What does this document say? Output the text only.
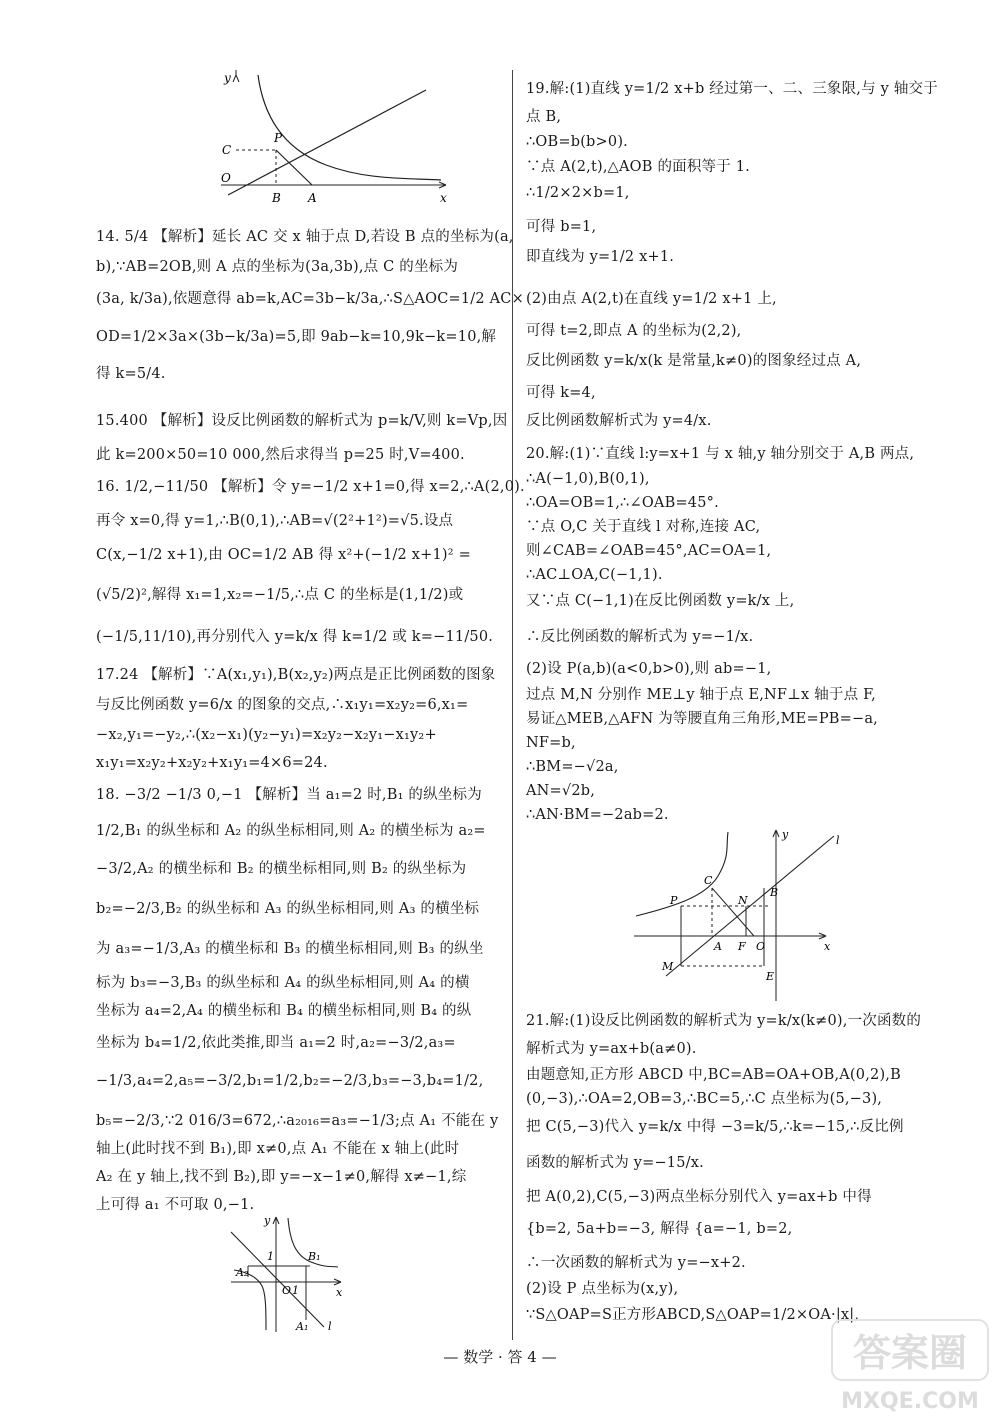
y
P
C
O
B A	x
14. 5/4 【解析】延长 AC 交 x 轴于点 D,若设 B 点的坐标为(a,
b),∵AB=2OB,则 A 点的坐标为(3a,3b),点 C 的坐标为
(3a, k/3a),依题意得 ab=k,AC=3b−k/3a,∴S△AOC=1/2 AC×
OD=1/2×3a×(3b−k/3a)=5,即 9ab−k=10,9k−k=10,解
得 k=5/4.
15.400 【解析】设反比例函数的解析式为 p=k/V,则 k=Vp,因
此 k=200×50=10 000,然后求得当 p=25 时,V=400.
16. 1/2,−11/50 【解析】令 y=−1/2 x+1=0,得 x=2,∴A(2,0).
再令 x=0,得 y=1,∴B(0,1),∴AB=√(2²+1²)=√5.设点
C(x,−1/2 x+1),由 OC=1/2 AB 得 x²+(−1/2 x+1)² =
(√5/2)²,解得 x₁=1,x₂=−1/5,∴点 C 的坐标是(1,1/2)或
(−1/5,11/10),再分别代入 y=k/x 得 k=1/2 或 k=−11/50.
17.24 【解析】∵A(x₁,y₁),B(x₂,y₂)两点是正比例函数的图象
与反比例函数 y=6/x 的图象的交点,∴x₁y₁=x₂y₂=6,x₁=
−x₂,y₁=−y₂,∴(x₂−x₁)(y₂−y₁)=x₂y₂−x₂y₁−x₁y₂+
x₁y₁=x₂y₂+x₂y₂+x₁y₁=4×6=24.
18. −3/2 −1/3 0,−1 【解析】当 a₁=2 时,B₁ 的纵坐标为
1/2,B₁ 的纵坐标和 A₂ 的纵坐标相同,则 A₂ 的横坐标为 a₂=
−3/2,A₂ 的横坐标和 B₂ 的横坐标相同,则 B₂ 的纵坐标为
b₂=−2/3,B₂ 的纵坐标和 A₃ 的纵坐标相同,则 A₃ 的横坐标
为 a₃=−1/3,A₃ 的横坐标和 B₃ 的横坐标相同,则 B₃ 的纵坐
标为 b₃=−3,B₃ 的纵坐标和 A₄ 的纵坐标相同,则 A₄ 的横
坐标为 a₄=2,A₄ 的横坐标和 B₄ 的横坐标相同,则 B₄ 的纵
坐标为 b₄=1/2,依此类推,即当 a₁=2 时,a₂=−3/2,a₃=
−1/3,a₄=2,a₅=−3/2,b₁=1/2,b₂=−2/3,b₃=−3,b₄=1/2,
b₅=−2/3,∵2 016/3=672,∴a₂₀₁₆=a₃=−1/3;点 A₁ 不能在 y
轴上(此时找不到 B₁),即 x≠0,点 A₁ 不能在 x 轴上(此时
A₂ 在 y 轴上,找不到 B₂),即 y=−x−1≠0,解得 x≠−1,综
上可得 a₁ 不可取 0,−1.
y
1	B₁
A₂
O 1	x
A₁ l
19.解:(1)直线 y=1/2 x+b 经过第一、二、三象限,与 y 轴交于
点 B,
∴OB=b(b>0).
∵点 A(2,t),△AOB 的面积等于 1.
∴1/2×2×b=1,
可得 b=1,
即直线为 y=1/2 x+1.
(2)由点 A(2,t)在直线 y=1/2 x+1 上,
可得 t=2,即点 A 的坐标为(2,2),
反比例函数 y=k/x(k 是常量,k≠0)的图象经过点 A,
可得 k=4,
反比例函数解析式为 y=4/x.
20.解:(1)∵直线 l:y=x+1 与 x 轴,y 轴分别交于 A,B 两点,
∴A(−1,0),B(0,1),
∴OA=OB=1,∴∠OAB=45°.
∵点 O,C 关于直线 l 对称,连接 AC,
则∠CAB=∠OAB=45°,AC=OA=1,
∴AC⊥OA,C(−1,1).
又∵点 C(−1,1)在反比例函数 y=k/x 上,
∴反比例函数的解析式为 y=−1/x.
(2)设 P(a,b)(a<0,b>0),则 ab=−1,
过点 M,N 分别作 ME⊥y 轴于点 E,NF⊥x 轴于点 F,
易证△MEB,△AFN 为等腰直角三角形,ME=PB=−a,
NF=b,
∴BM=−√2a,
AN=√2b,
∴AN·BM=−2ab=2.
y	l
C
B
P	N
A F O	x
M
E
21.解:(1)设反比例函数的解析式为 y=k/x(k≠0),一次函数的
解析式为 y=ax+b(a≠0).
由题意知,正方形 ABCD 中,BC=AB=OA+OB,A(0,2),B
(0,−3),∴OA=2,OB=3,∴BC=5,∴C 点坐标为(5,−3),
把 C(5,−3)代入 y=k/x 中得 −3=k/5,∴k=−15,∴反比例
函数的解析式为 y=−15/x.
把 A(0,2),C(5,−3)两点坐标分别代入 y=ax+b 中得
{b=2, 5a+b=−3, 解得 {a=−1, b=2,
∴一次函数的解析式为 y=−x+2.
(2)设 P 点坐标为(x,y),
∵S△OAP=S正方形ABCD,S△OAP=1/2×OA·|x|,
— 数学 · 答 4 —	答案圈
MXQE.COM
